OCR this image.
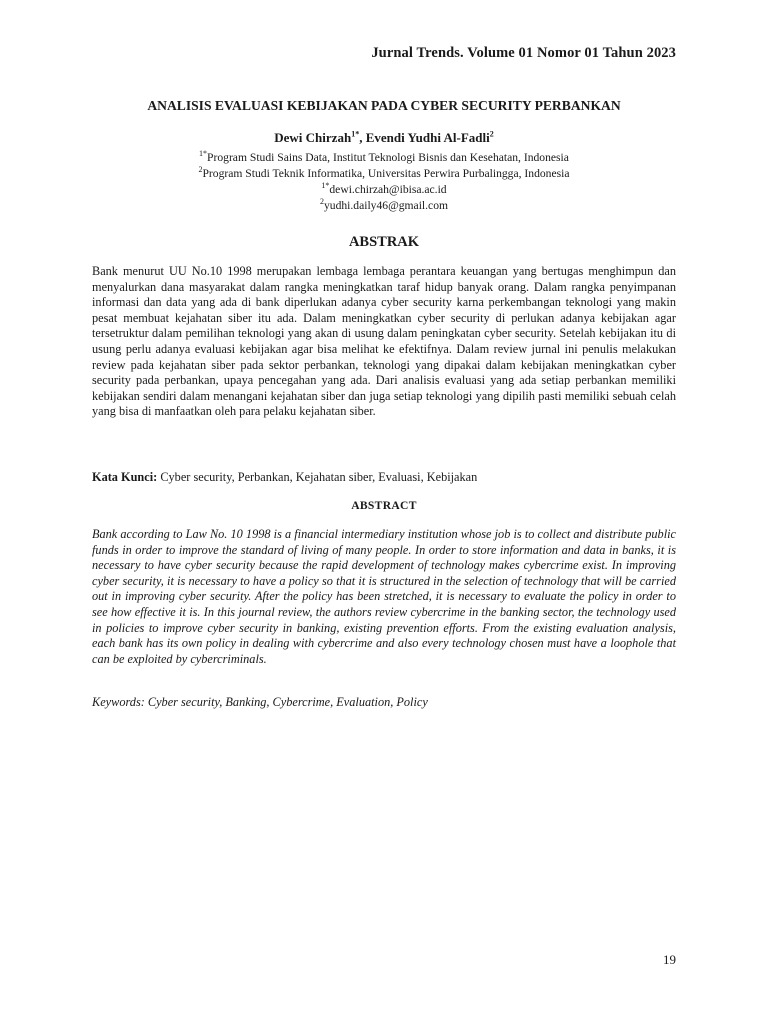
Jurnal Trends. Volume 01 Nomor 01 Tahun 2023
ANALISIS EVALUASI KEBIJAKAN PADA CYBER SECURITY PERBANKAN
Dewi Chirzah$^{1*}$, Evendi Yudhi Al-Fadli$^2$
$^{1*}$Program Studi Sains Data, Institut Teknologi Bisnis dan Kesehatan, Indonesia
$^2$Program Studi Teknik Informatika, Universitas Perwira Purbalingga, Indonesia
$^{1*}$dewi.chirzah@ibisa.ac.id
$^2$yudhi.daily46@gmail.com
ABSTRAK

Bank menurut UU No.10 1998 merupakan lembaga lembaga perantara keuangan yang bertugas menghimpun dan menyalurkan dana masyarakat dalam rangka meningkatkan taraf hidup banyak orang. Dalam rangka penyimpanan informasi dan data yang ada di bank diperlukan adanya cyber security karna perkembangan teknologi yang makin pesat membuat kejahatan siber itu ada. Dalam meningkatkan cyber security di perlukan adanya kebijakan agar tersetruktur dalam pemilihan teknologi yang akan di usung dalam peningkatan cyber security. Setelah kebijakan itu di usung perlu adanya evaluasi kebijakan agar bisa melihat ke efektifnya. Dalam review jurnal ini penulis melakukan review pada kejahatan siber pada sektor perbankan, teknologi yang dipakai dalam kebijakan meningkatkan cyber security pada perbankan, upaya pencegahan yang ada. Dari analisis evaluasi yang ada setiap perbankan memiliki kebijakan sendiri dalam menangani kejahatan siber dan juga setiap teknologi yang dipilih pasti memiliki sebuah celah yang bisa di manfaatkan oleh para pelaku kejahatan siber.

Kata Kunci: Cyber security, Perbankan, Kejahatan siber, Evaluasi, Kebijakan

ABSTRACT

Bank according to Law No. 10 1998 is a financial intermediary institution whose job is to collect and distribute public funds in order to improve the standard of living of many people. In order to store information and data in banks, it is necessary to have cyber security because the rapid development of technology makes cybercrime exist. In improving cyber security, it is necessary to have a policy so that it is structured in the selection of technology that will be carried out in improving cyber security. After the policy has been stretched, it is necessary to evaluate the policy in order to see how effective it is. In this journal review, the authors review cybercrime in the banking sector, the technology used in policies to improve cyber security in banking, existing prevention efforts. From the existing evaluation analysis, each bank has its own policy in dealing with cybercrime and also every technology chosen must have a loophole that can be exploited by cybercriminals.

Keywords: Cyber security, Banking, Cybercrime, Evaluation, Policy

19
